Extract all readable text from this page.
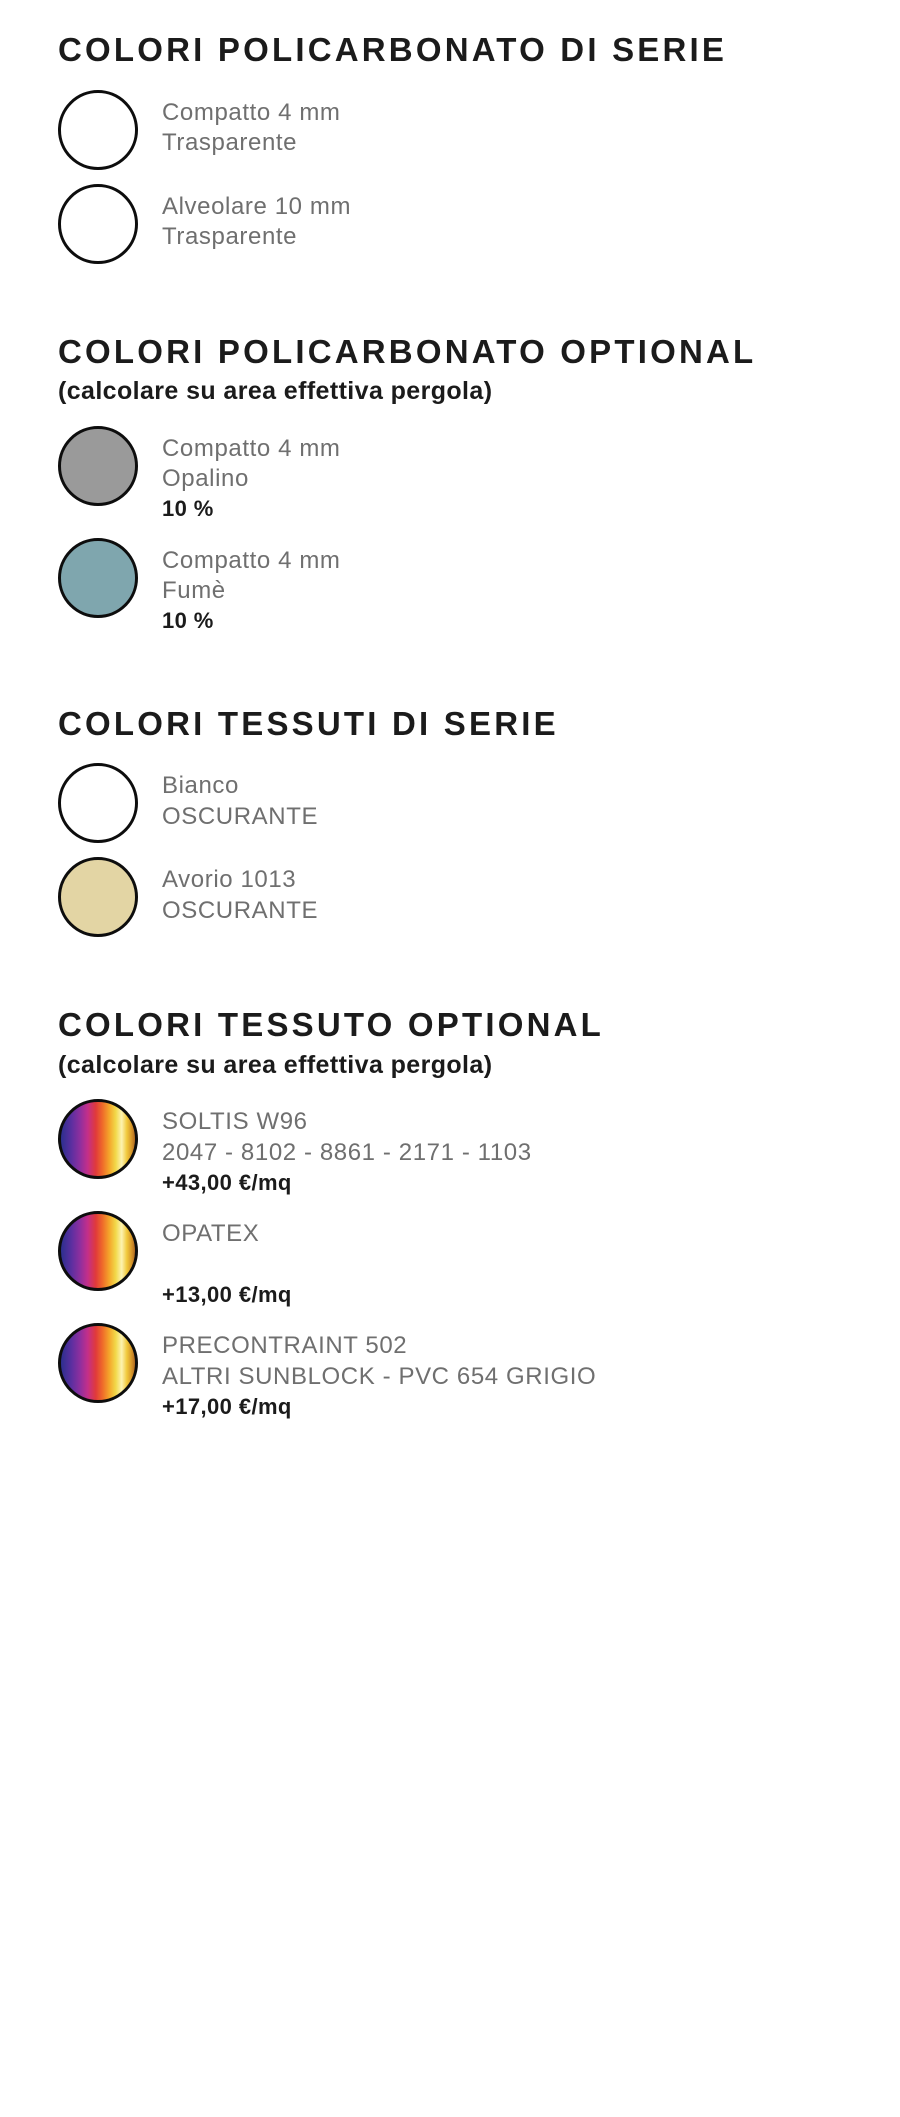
COLORI POLICARBONATO DI SERIE
Compatto 4 mm
Trasparente
Alveolare 10 mm
Trasparente
COLORI POLICARBONATO OPTIONAL

(calcolare su area effettiva pergola)

Compatto 4 mm
Opalino
10 %
Compatto 4 mm
Fumè
10 %
COLORI TESSUTI DI SERIE
Bianco
OSCURANTE
Avorio 1013
OSCURANTE
COLORI TESSUTO OPTIONAL

(calcolare su area effettiva pergola)

SOLTIS W96
2047 - 8102 - 8861 - 2171 - 1103
+43,00 €/mq
OPATEX
+13,00 €/mq
PRECONTRAINT 502
ALTRI SUNBLOCK - PVC 654 GRIGIO
+17,00 €/mq
